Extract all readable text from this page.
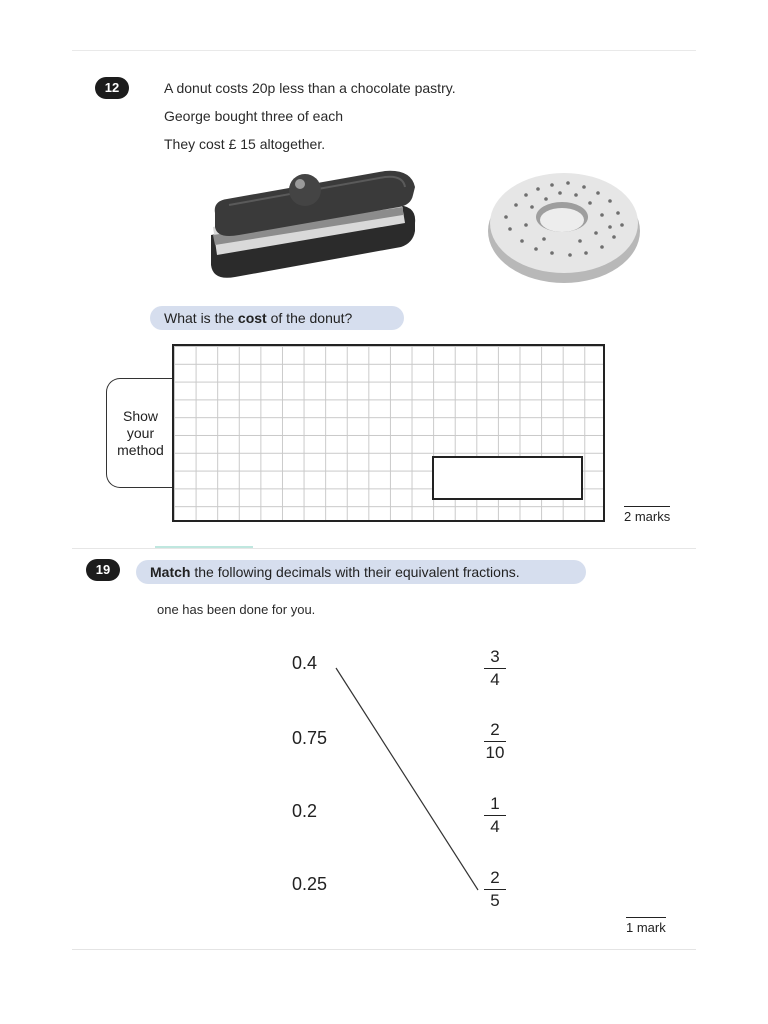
12	A donut costs 20p less than a chocolate pastry.
George bought three of each
They cost £ 15 altogether.
What is the cost of the donut?
Show
your
method
2 marks
19	Match the following decimals with their equivalent fractions.
one has been done for you.
0.4
0.75
0.2
0.25
3
4
2
10
1
4
2
5
1 mark
